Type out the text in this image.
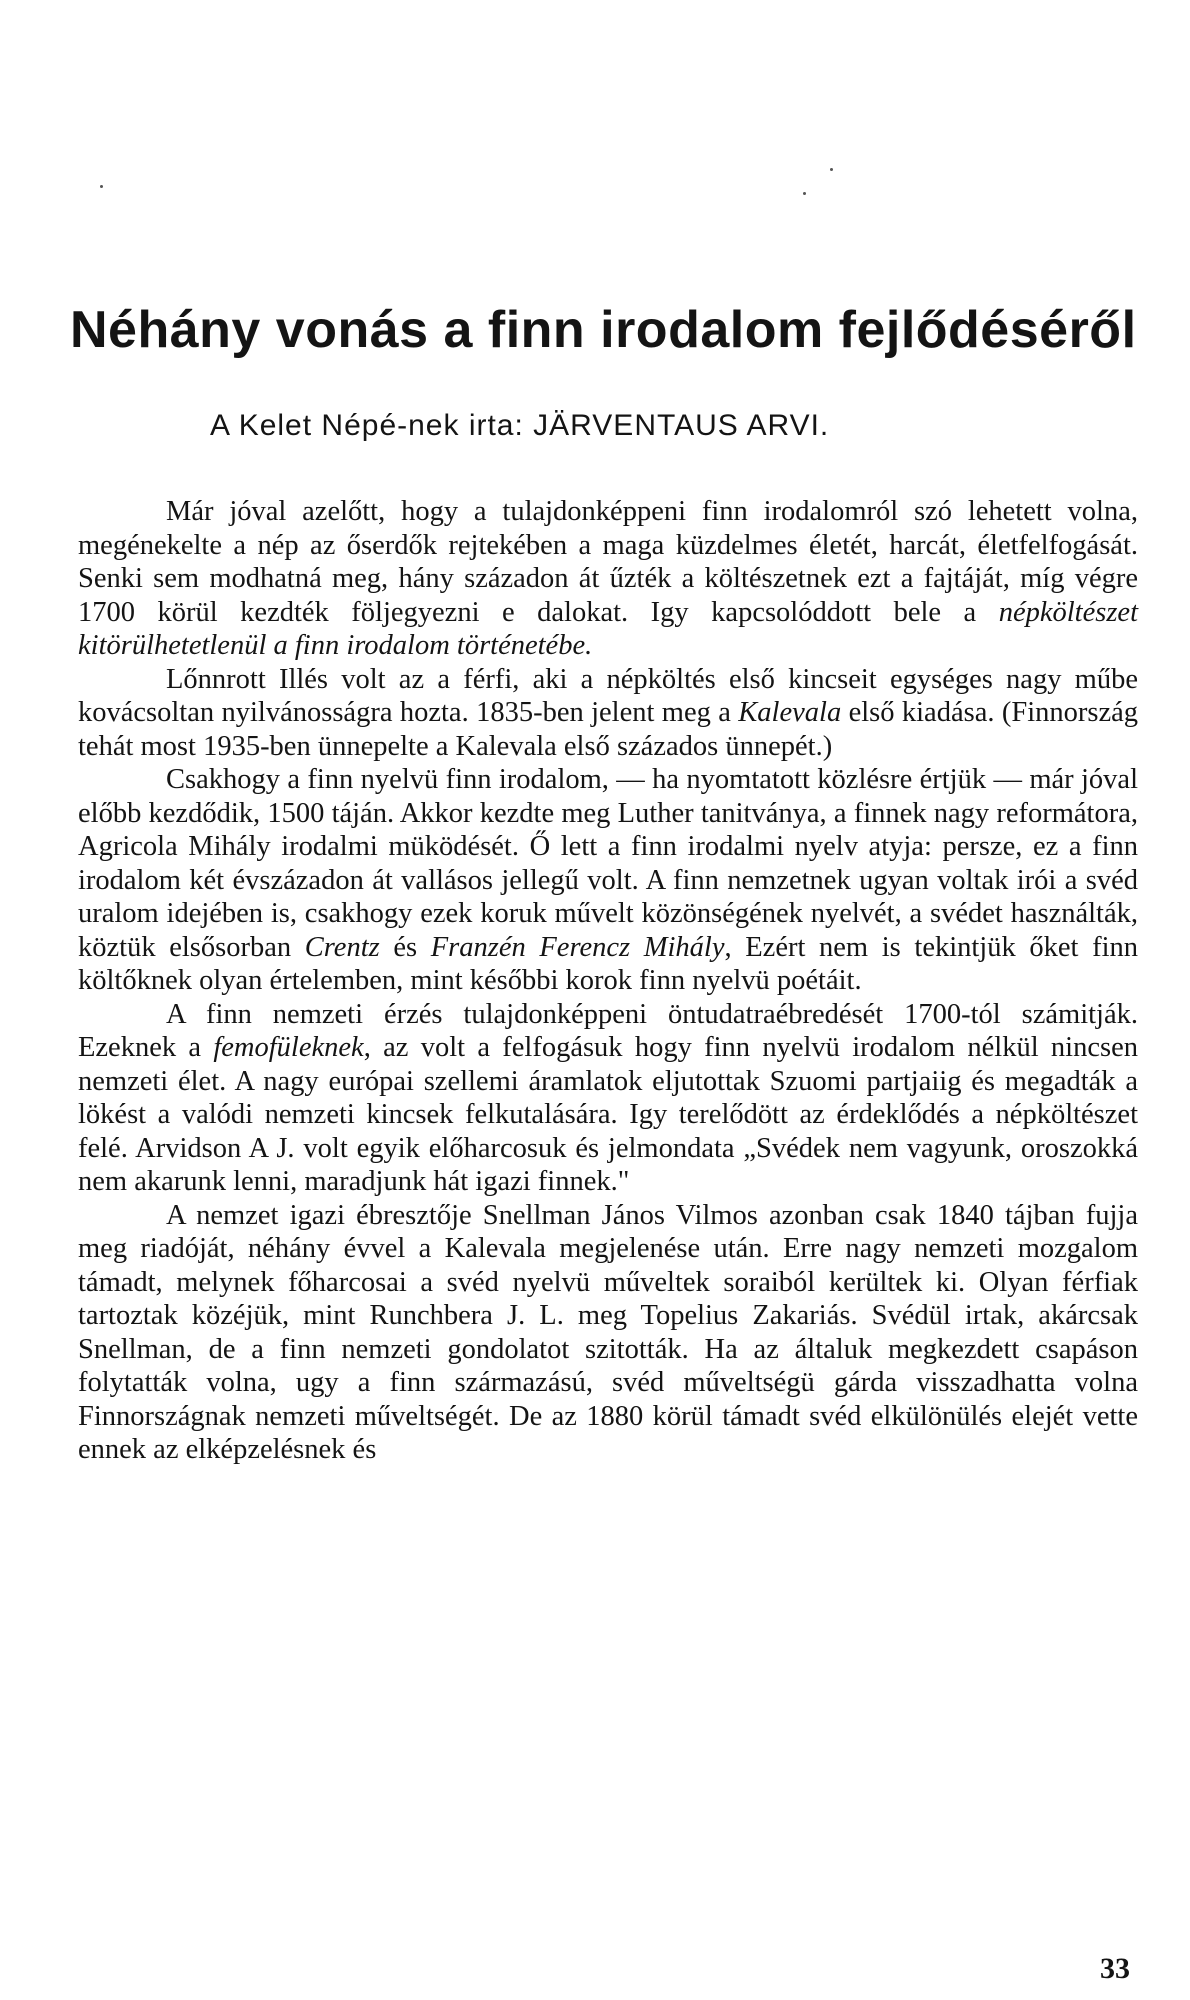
Néhány vonás a finn irodalom fejlődéséről

A Kelet Népé-nek irta: JÄRVENTAUS ARVI.

Már jóval azelőtt, hogy a tulajdonképpeni finn irodalomról szó lehetett volna, megénekelte a nép az őserdők rejtekében a maga küzdelmes életét, harcát, életfelfogását. Senki sem modhatná meg, hány századon át űzték a költészetnek ezt a fajtáját, míg végre 1700 körül kezdték följegyezni e dalokat. Igy kapcsolóddott bele a népköltészet kitörülhetetlenül a finn irodalom történetébe.

Lőnnrott Illés volt az a férfi, aki a népköltés első kincseit egységes nagy műbe kovácsoltan nyilvánosságra hozta. 1835-ben jelent meg a Kalevala első kiadása. (Finnország tehát most 1935-ben ünnepelte a Kalevala első százados ünnepét.)

Csakhogy a finn nyelvü finn irodalom, — ha nyomtatott közlésre értjük — már jóval előbb kezdődik, 1500 táján. Akkor kezdte meg Luther tanitványa, a finnek nagy reformátora, Agricola Mihály irodalmi müködését. Ő lett a finn irodalmi nyelv atyja: persze, ez a finn irodalom két évszázadon át vallásos jellegű volt. A finn nemzetnek ugyan voltak irói a svéd uralom idejében is, csakhogy ezek koruk művelt közönségének nyelvét, a svédet használták, köztük elsősorban Crentz és Franzén Ferencz Mihály, Ezért nem is tekintjük őket finn költőknek olyan értelemben, mint későbbi korok finn nyelvü poétáit.

A finn nemzeti érzés tulajdonképpeni öntudatraébredését 1700-tól számitják. Ezeknek a femofüleknek, az volt a felfogásuk hogy finn nyelvü irodalom nélkül nincsen nemzeti élet. A nagy európai szellemi áramlatok eljutottak Szuomi partjaiig és megadták a lökést a valódi nemzeti kincsek felkutalására. Igy terelődött az érdeklődés a népköltészet felé. Arvidson A J. volt egyik előharcosuk és jelmondata „Svédek nem vagyunk, oroszokká nem akarunk lenni, maradjunk hát igazi finnek."

A nemzet igazi ébresztője Snellman János Vilmos azonban csak 1840 tájban fujja meg riadóját, néhány évvel a Kalevala megjelenése után. Erre nagy nemzeti mozgalom támadt, melynek főharcosai a svéd nyelvü műveltek soraiból kerültek ki. Olyan férfiak tartoztak közéjük, mint Runchbera J. L. meg Topelius Zakariás. Svédül irtak, akárcsak Snellman, de a finn nemzeti gondolatot szitották. Ha az általuk megkezdett csapáson folytatták volna, ugy a finn származású, svéd műveltségü gárda visszadhatta volna Finnországnak nemzeti műveltségét. De az 1880 körül támadt svéd elkülönülés elejét vette ennek az elképzelésnek és

33
